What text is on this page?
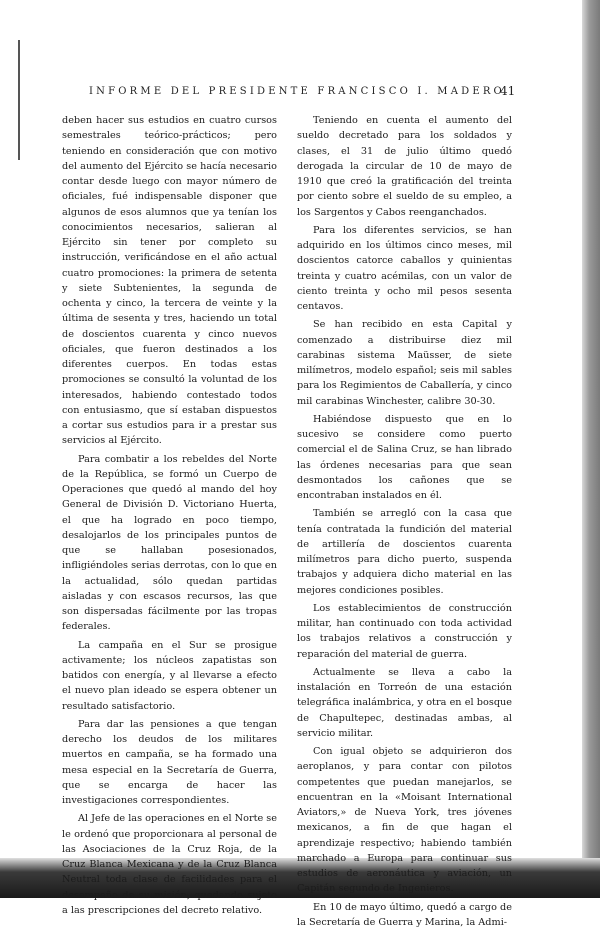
INFORME DEL PRESIDENTE FRANCISCO I. MADERO
41

deben hacer sus estudios en cuatro cursos semestrales teórico-prácticos; pero teniendo en consideración que con motivo del aumento del Ejército se hacía necesario contar desde luego con mayor número de oficiales, fué indispensable disponer que algunos de esos alumnos que ya tenían los conocimientos necesarios, salieran al Ejército sin tener por completo su instrucción, verificándose en el año actual cuatro promociones: la primera de setenta y siete Subtenientes, la segunda de ochenta y cinco, la tercera de veinte y la última de sesenta y tres, haciendo un total de doscientos cuarenta y cinco nuevos oficiales, que fueron destinados a los diferentes cuerpos. En todas estas promociones se consultó la voluntad de los interesados, habiendo contestado todos con entusiasmo, que sí estaban dispuestos a cortar sus estudios para ir a prestar sus servicios al Ejército.

Para combatir a los rebeldes del Norte de la República, se formó un Cuerpo de Operaciones que quedó al mando del hoy General de División D. Victoriano Huerta, el que ha logrado en poco tiempo, desalojarlos de los principales puntos de que se hallaban posesionados, infligiéndoles serias derrotas, con lo que en la actualidad, sólo quedan partidas aisladas y con escasos recursos, las que son dispersadas fácilmente por las tropas federales.

La campaña en el Sur se prosigue activamente; los núcleos zapatistas son batidos con energía, y al llevarse a efecto el nuevo plan ideado se espera obtener un resultado satisfactorio.

Para dar las pensiones a que tengan derecho los deudos de los militares muertos en campaña, se ha formado una mesa especial en la Secretaría de Guerra, que se encarga de hacer las investigaciones correspondientes.

Al Jefe de las operaciones en el Norte se le ordenó que proporcionara al personal de las Asociaciones de la Cruz Roja, de la Cruz Blanca Mexicana y de la Cruz Blanca Neutral toda clase de facilidades para el desempeño de su misión, quedando sujeto a las prescripciones del decreto relativo.

Teniendo en cuenta el aumento del sueldo decretado para los soldados y clases, el 31 de julio último quedó derogada la circular de 10 de mayo de 1910 que creó la gratificación del treinta por ciento sobre el sueldo de su empleo, a los Sargentos y Cabos reenganchados.

Para los diferentes servicios, se han adquirido en los últimos cinco meses, mil doscientos catorce caballos y quinientas treinta y cuatro acémilas, con un valor de ciento treinta y ocho mil pesos sesenta centavos.

Se han recibido en esta Capital y comenzado a distribuirse diez mil carabinas sistema Maüsser, de siete milímetros, modelo español; seis mil sables para los Regimientos de Caballería, y cinco mil carabinas Winchester, calibre 30-30.

Habiéndose dispuesto que en lo sucesivo se considere como puerto comercial el de Salina Cruz, se han librado las órdenes necesarias para que sean desmontados los cañones que se encontraban instalados en él.

También se arregló con la casa que tenía contratada la fundición del material de artillería de doscientos cuarenta milímetros para dicho puerto, suspenda trabajos y adquiera dicho material en las mejores condiciones posibles.

Los establecimientos de construcción militar, han continuado con toda actividad los trabajos relativos a construcción y reparación del material de guerra.

Actualmente se lleva a cabo la instalación en Torreón de una estación telegráfica inalámbrica, y otra en el bosque de Chapultepec, destinadas ambas, al servicio militar.

Con igual objeto se adquirieron dos aeroplanos, y para contar con pilotos competentes que puedan manejarlos, se encuentran en la «Moisant International Aviators,» de Nueva York, tres jóvenes mexicanos, a fin de que hagan el aprendizaje respectivo; habiendo también marchado a Europa para continuar sus estudios de aeronáutica y aviación, un Capitán segundo de Ingenieros.

En 10 de mayo último, quedó a cargo de la Secretaría de Guerra y Marina, la Admi-
